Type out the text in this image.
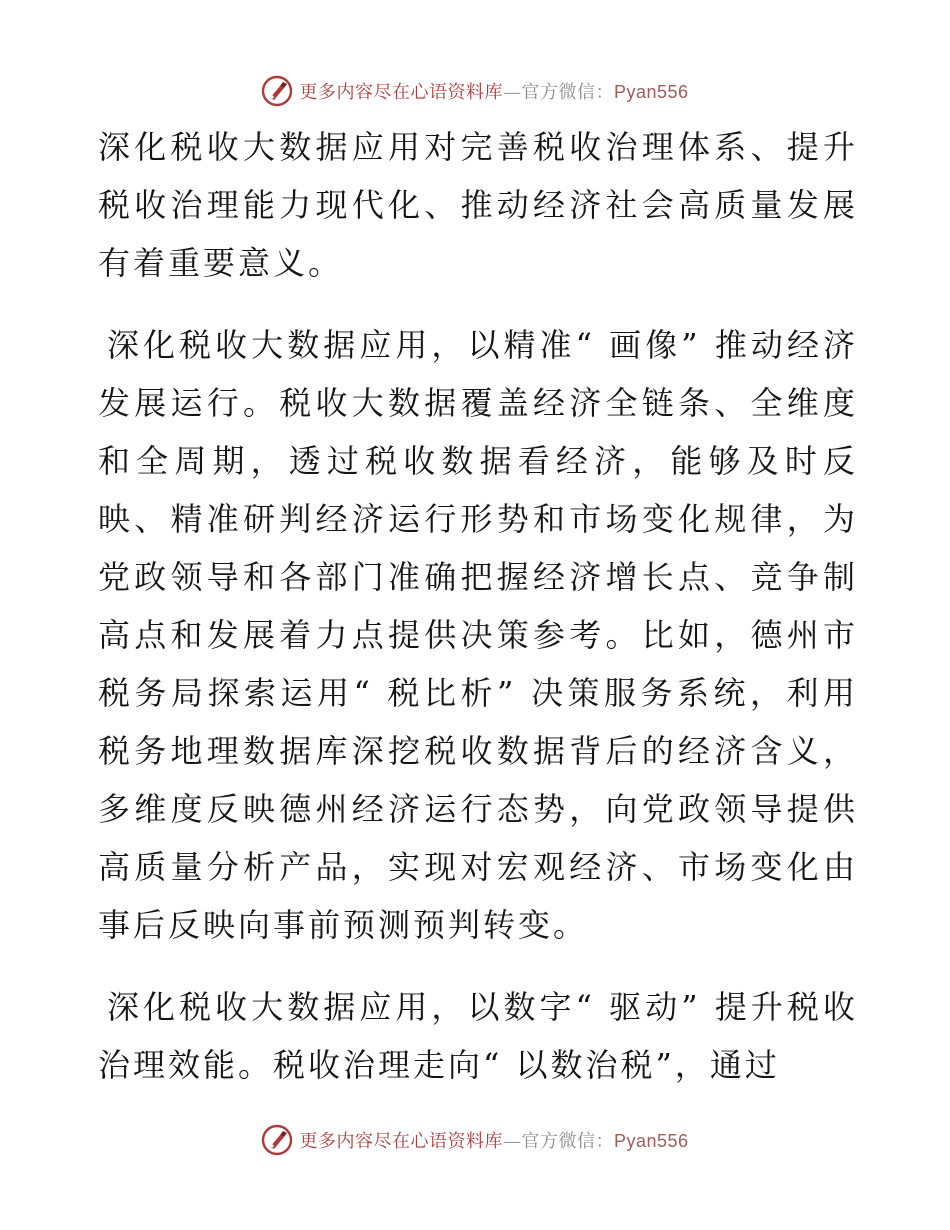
更多内容尽在心语资料库—官方微信：Pyan556

深化税收大数据应用对完善税收治理体系、提升税收治理能力现代化、推动经济社会高质量发展有着重要意义。

深化税收大数据应用，以精准“ 画像” 推动经济发展运行。税收大数据覆盖经济全链条、全维度和全周期，透过税收数据看经济，能够及时反映、精准研判经济运行形势和市场变化规律，为党政领导和各部门准确把握经济增长点、竞争制高点和发展着力点提供决策参考。比如，德州市税务局探索运用“ 税比析” 决策服务系统，利用税务地理数据库深挖税收数据背后的经济含义，多维度反映德州经济运行态势，向党政领导提供高质量分析产品，实现对宏观经济、市场变化由事后反映向事前预测预判转变。

深化税收大数据应用，以数字“ 驱动” 提升税收治理效能。税收治理走向“ 以数治税”，通过

更多内容尽在心语资料库—官方微信：Pyan556
